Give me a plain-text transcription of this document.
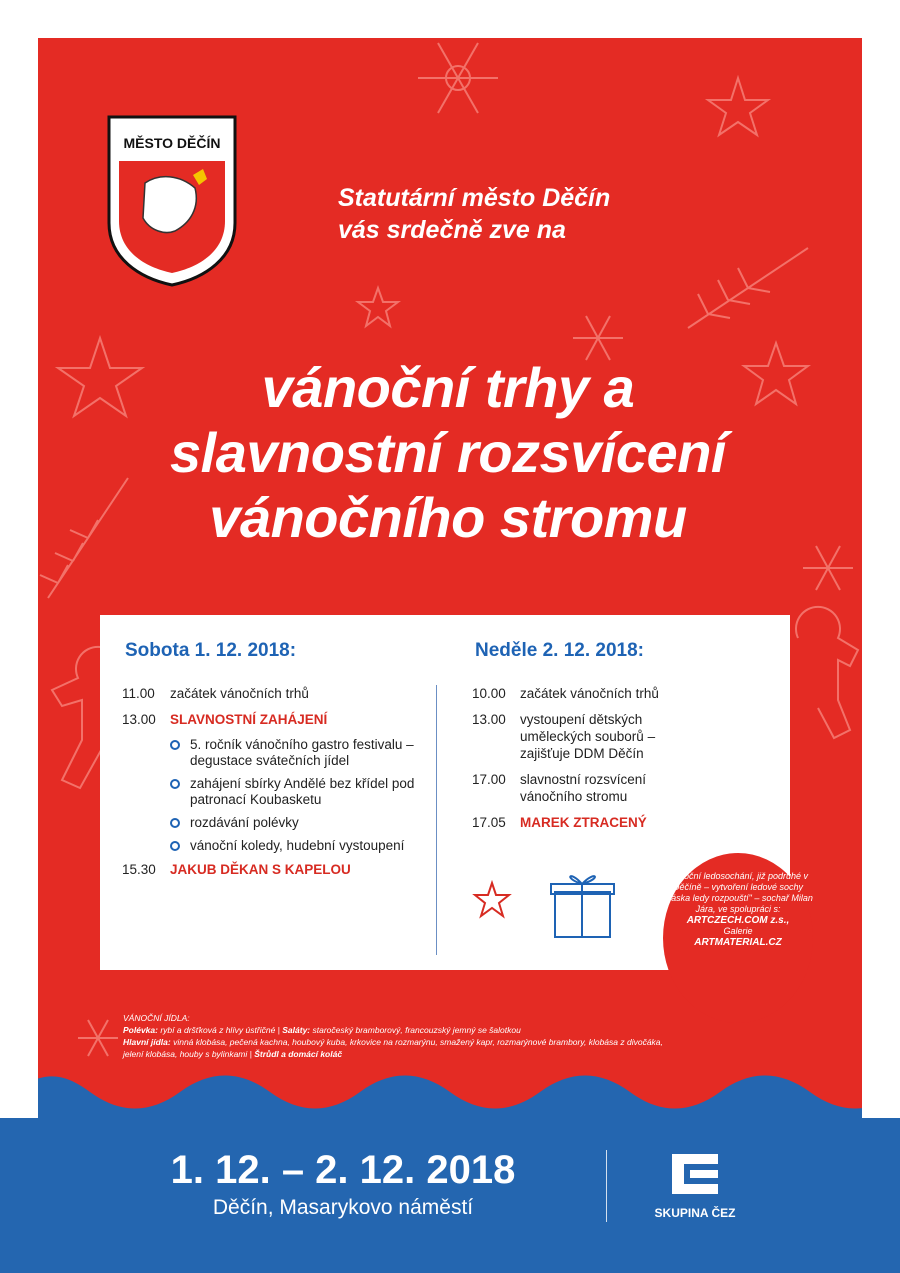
MĚSTO DĚČÍN

Statutární město Děčín
vás srdečně zve na

vánoční trhy a
slavnostní rozsvícení
vánočního stromu
Sobota 1. 12. 2018:	Neděle 2. 12. 2018:
11.00	začátek vánočních trhů
13.00	SLAVNOSTNÍ ZAHÁJENÍ
5. ročník vánočního gastro festivalu – degustace svátečních jídel
zahájení sbírky Andělé bez křídel pod patronací Koubasketu
rozdávání polévky
vánoční koledy, hudební vystoupení
15.30	JAKUB DĚKAN S KAPELOU
10.00	začátek vánočních trhů
13.00	vystoupení dětských uměleckých souborů – zajišťuje DDM Děčín
17.00	slavnostní rozsvícení vánočního stromu
17.05	MAREK ZTRACENÝ
Vánoční ledosochání, již podruhé v Děčíně – vytvoření ledové sochy „Láska ledy rozpouští" – sochař Milan Jára, ve spolupráci s:
ARTCZECH.COM z.s.,
Galerie
ARTMATERIAL.CZ
VÁNOČNÍ JÍDLA:
Polévka: rybí a dršťková z hlívy ústřičné | Saláty: staročeský bramborový, francouzský jemný se šalotkou
Hlavní jídla: vinná klobása, pečená kachna, houbový kuba, krkovice na rozmarýnu, smažený kapr, rozmarýnové brambory, klobása z divočáka, jelení klobása, houby s bylinkami | Štrůdl a domácí koláč

1. 12. – 2. 12. 2018

Děčín, Masarykovo náměstí	SKUPINA ČEZ
